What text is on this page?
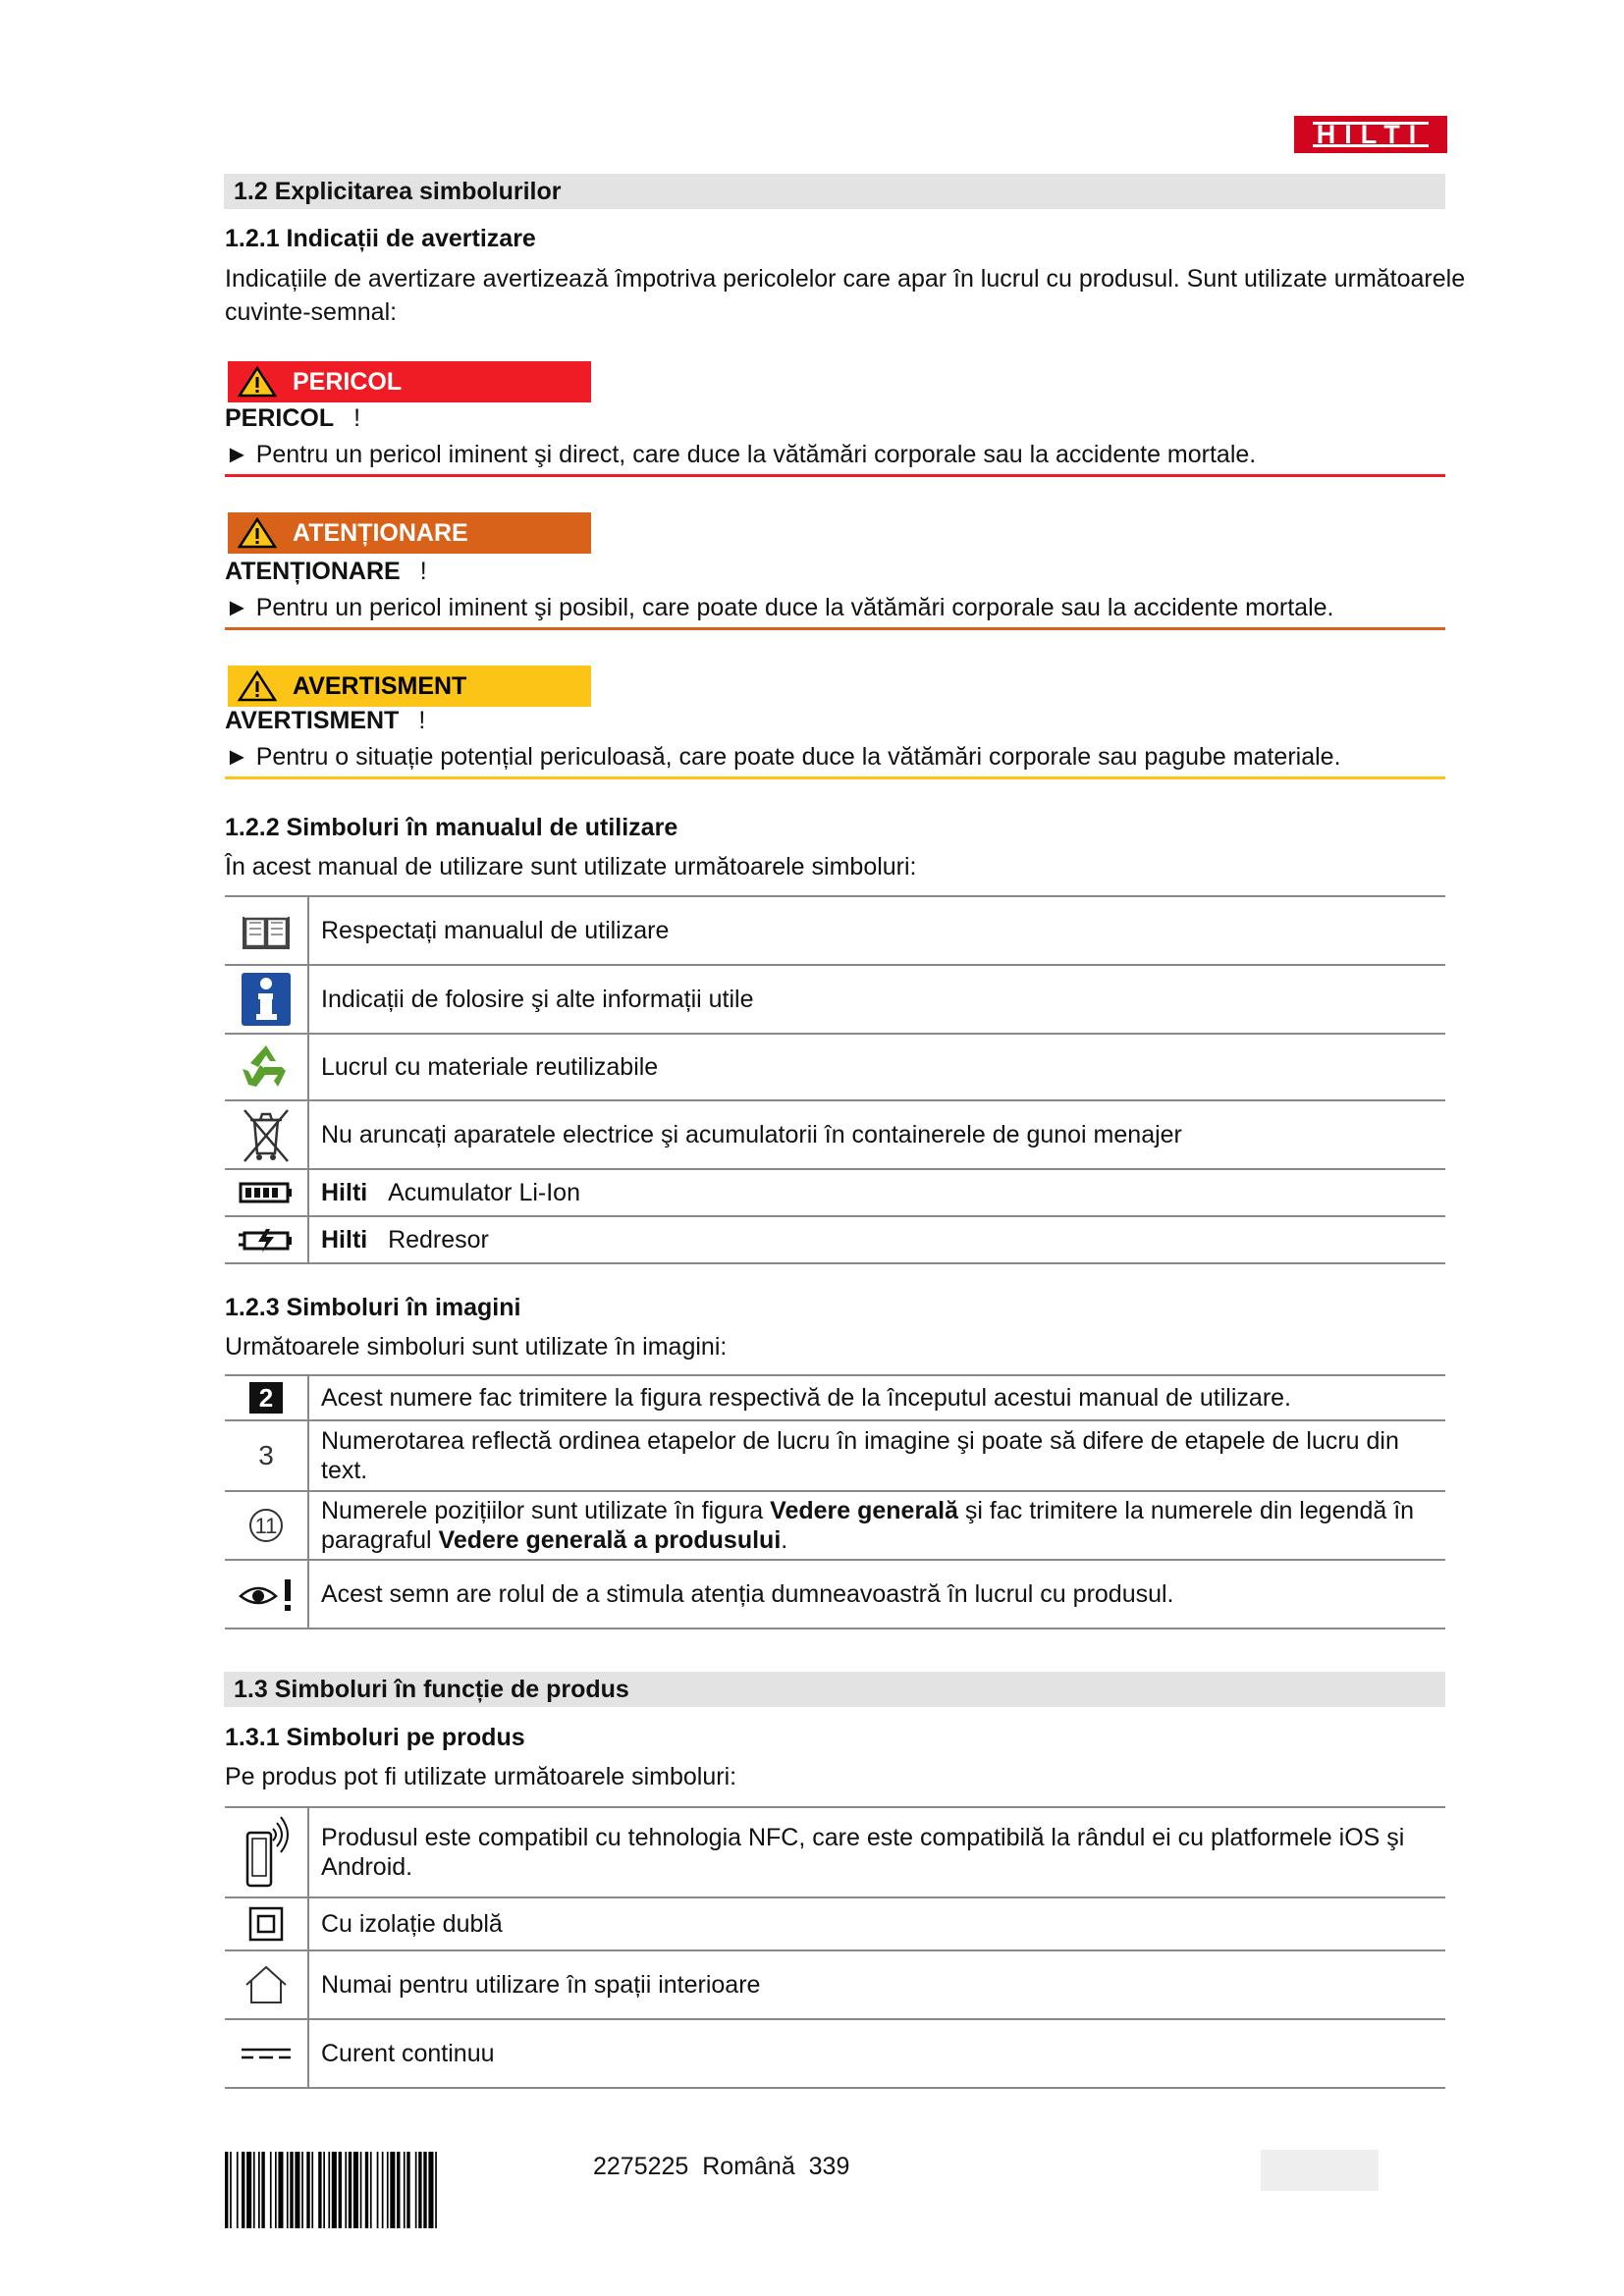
HILTI
1.2 Explicitarea simbolurilor
1.2.1 Indicații de avertizare
Indicațiile de avertizare avertizează împotriva pericolelor care apar în lucrul cu produsul. Sunt utilizate următoarele cuvinte-semnal:
PERICOL
PERICOL !
► Pentru un pericol iminent şi direct, care duce la vătămări corporale sau la accidente mortale.
ATENȚIONARE
ATENȚIONARE !
► Pentru un pericol iminent şi posibil, care poate duce la vătămări corporale sau la accidente mortale.
AVERTISMENT
AVERTISMENT !
► Pentru o situație potențial periculoasă, care poate duce la vătămări corporale sau pagube materiale.
1.2.2 Simboluri în manualul de utilizare
În acest manual de utilizare sunt utilizate următoarele simboluri:
	Respectați manualul de utilizare

	Indicații de folosire şi alte informații utile

	Lucrul cu materiale reutilizabile

	Nu aruncați aparatele electrice şi acumulatorii în containerele de gunoi menajer

	Hilti Acumulator Li-Ion

	Hilti Redresor
1.2.3 Simboluri în imagini
Următoarele simboluri sunt utilizate în imagini:
2	Acest numere fac trimitere la figura respectivă de la începutul acestui manual de utilizare.
3	Numerotarea reflectă ordinea etapelor de lucru în imagine şi poate să difere de etapele de lucru din text.

11	Numerele pozițiilor sunt utilizate în figura Vedere generală şi fac trimitere la numerele din legendă în paragraful Vedere generală a produsului.

	Acest semn are rolul de a stimula atenția dumneavoastră în lucrul cu produsul.
1.3 Simboluri în funcție de produs
1.3.1 Simboluri pe produs
Pe produs pot fi utilizate următoarele simboluri:
	Produsul este compatibil cu tehnologia NFC, care este compatibilă la rândul ei cu platformele iOS şi Android.

	Cu izolație dublă

	Numai pentru utilizare în spații interioare

	Curent continuu
2275225 Română 339
